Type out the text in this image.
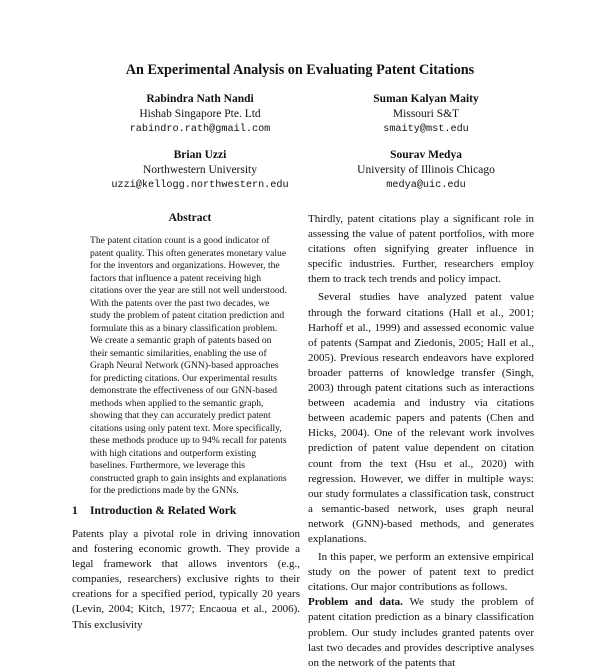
An Experimental Analysis on Evaluating Patent Citations
Rabindra Nath Nandi
Hishab Singapore Pte. Ltd
rabindro.rath@gmail.com
Suman Kalyan Maity
Missouri S&T
smaity@mst.edu
Brian Uzzi
Northwestern University
uzzi@kellogg.northwestern.edu
Sourav Medya
University of Illinois Chicago
medya@uic.edu
Abstract

The patent citation count is a good indicator of patent quality. This often generates monetary value for the inventors and organizations. However, the factors that influence a patent receiving high citations over the year are still not well understood. With the patents over the past two decades, we study the problem of patent citation prediction and formulate this as a binary classification problem. We create a semantic graph of patents based on their semantic similarities, enabling the use of Graph Neural Network (GNN)-based approaches for predicting citations. Our experimental results demonstrate the effectiveness of our GNN-based methods when applied to the semantic graph, showing that they can accurately predict patent citations using only patent text. More specifically, these methods produce up to 94% recall for patents with high citations and outperform existing baselines. Furthermore, we leverage this constructed graph to gain insights and explanations for the predictions made by the GNNs.

1 Introduction & Related Work

Patents play a pivotal role in driving innovation and fostering economic growth. They provide a legal framework that allows inventors (e.g., companies, researchers) exclusive rights to their creations for a specified period, typically 20 years (Levin, 2004; Kitch, 1977; Encaoua et al., 2006). This exclusivity

Thirdly, patent citations play a significant role in assessing the value of patent portfolios, with more citations often signifying greater influence in specific industries. Further, researchers employ them to track tech trends and policy impact.

Several studies have analyzed patent value through the forward citations (Hall et al., 2001; Harhoff et al., 1999) and assessed economic value of patents (Sampat and Ziedonis, 2005; Hall et al., 2005). Previous research endeavors have explored broader patterns of knowledge transfer (Singh, 2003) through patent citations such as interactions between academia and industry via citations between academic papers and patents (Chen and Hicks, 2004). One of the relevant work involves prediction of patent value dependent on citation count from the text (Hsu et al., 2020) with regression. However, we differ in multiple ways: our study formulates a classification task, construct a semantic-based network, uses graph neural network (GNN)-based methods, and generates explanations.

In this paper, we perform an extensive empirical study on the power of patent text to predict citations. Our major contributions as follows.

Problem and data. We study the problem of patent citation prediction as a binary classification problem. Our study includes granted patents over last two decades and provides descriptive analyses on the network of the patents that
